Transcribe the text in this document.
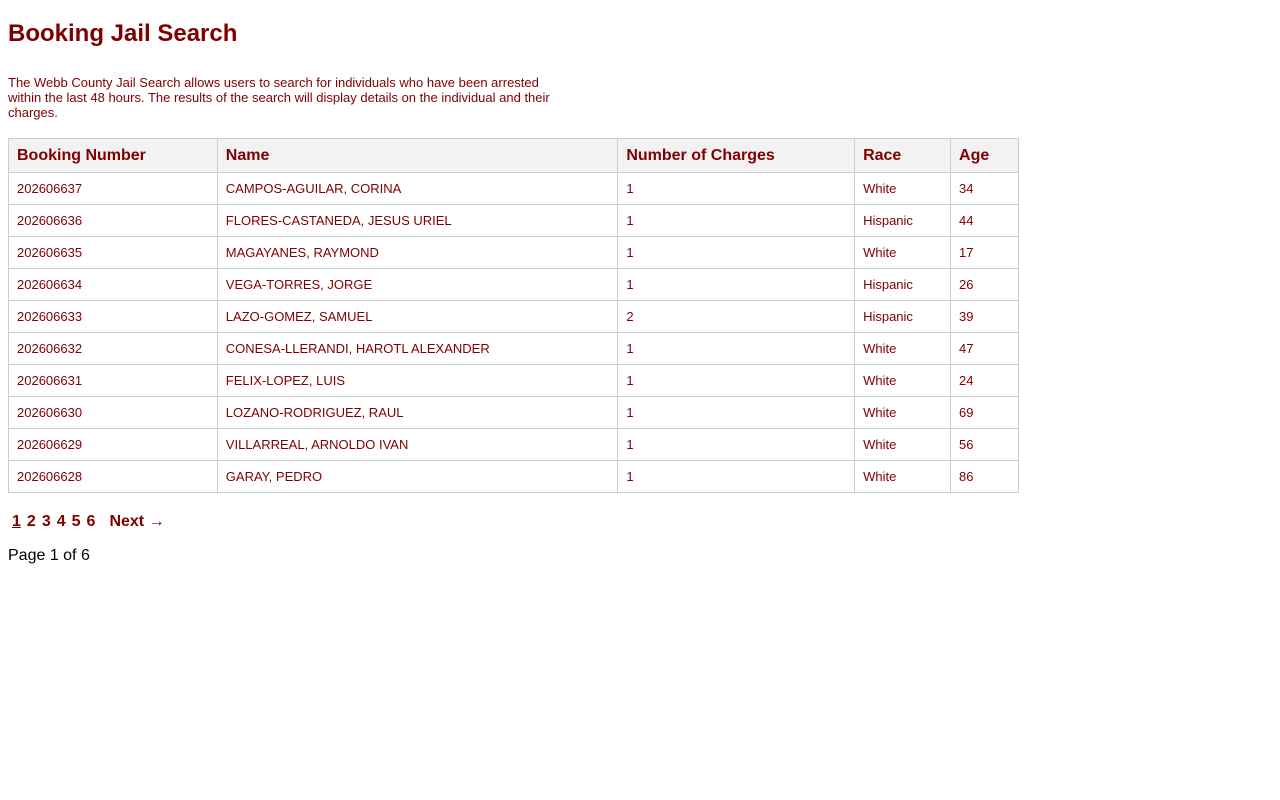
Booking Jail Search
The Webb County Jail Search allows users to search for individuals who have been arrested within the last 48 hours. The results of the search will display details on the individual and their charges.
Booking Number	Name	Number of Charges	Race	Age
202606637	CAMPOS-AGUILAR, CORINA	1	White	34
202606636	FLORES-CASTANEDA, JESUS URIEL	1	Hispanic	44
202606635	MAGAYANES, RAYMOND	1	White	17
202606634	VEGA-TORRES, JORGE	1	Hispanic	26
202606633	LAZO-GOMEZ, SAMUEL	2	Hispanic	39
202606632	CONESA-LLERANDI, HAROTL ALEXANDER	1	White	47
202606631	FELIX-LOPEZ, LUIS	1	White	24
202606630	LOZANO-RODRIGUEZ, RAUL	1	White	69
202606629	VILLARREAL, ARNOLDO IVAN	1	White	56
202606628	GARAY, PEDRO	1	White	86
1 2 3 4 5 6 Next →
Page 1 of 6
